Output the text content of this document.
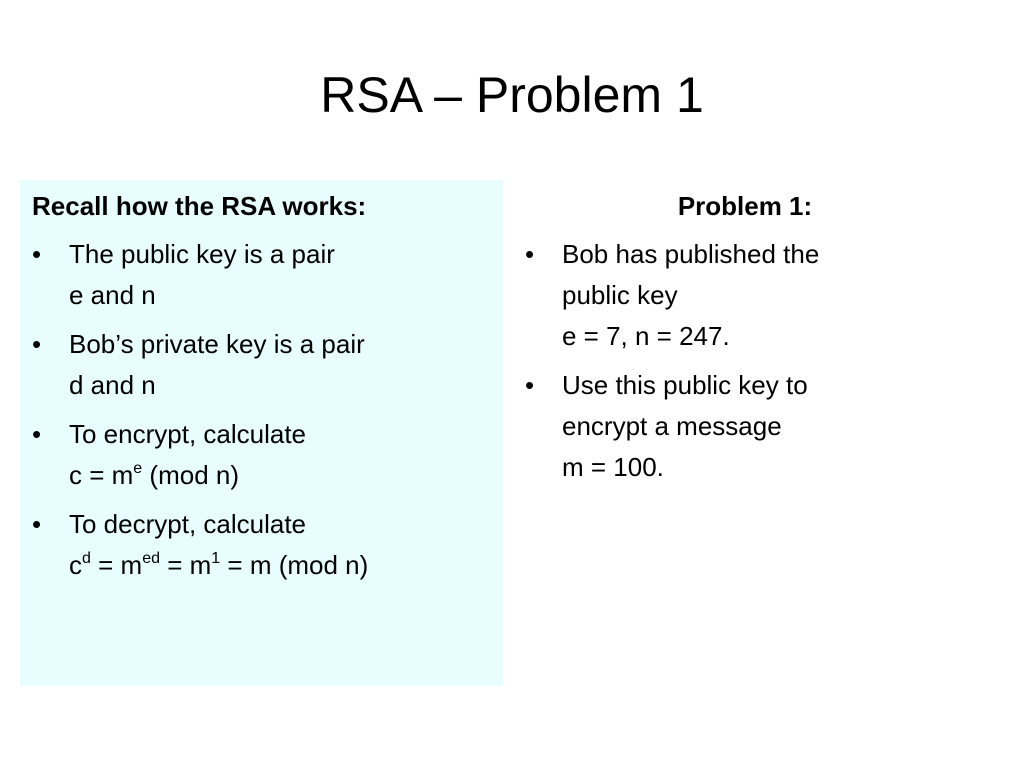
RSA – Problem 1
Recall how the RSA works:
•	The public key is a pair
e and n
•	Bob’s private key is a pair
d and n
•	To encrypt, calculate
$c = m^e$ (mod n)
•	To decrypt, calculate
$c^d = m^{ed} = m^1 = m$ (mod n)
Problem 1:
•	Bob has published the
public key
e = 7, n = 247.
•	Use this public key to
encrypt a message
m = 100.
